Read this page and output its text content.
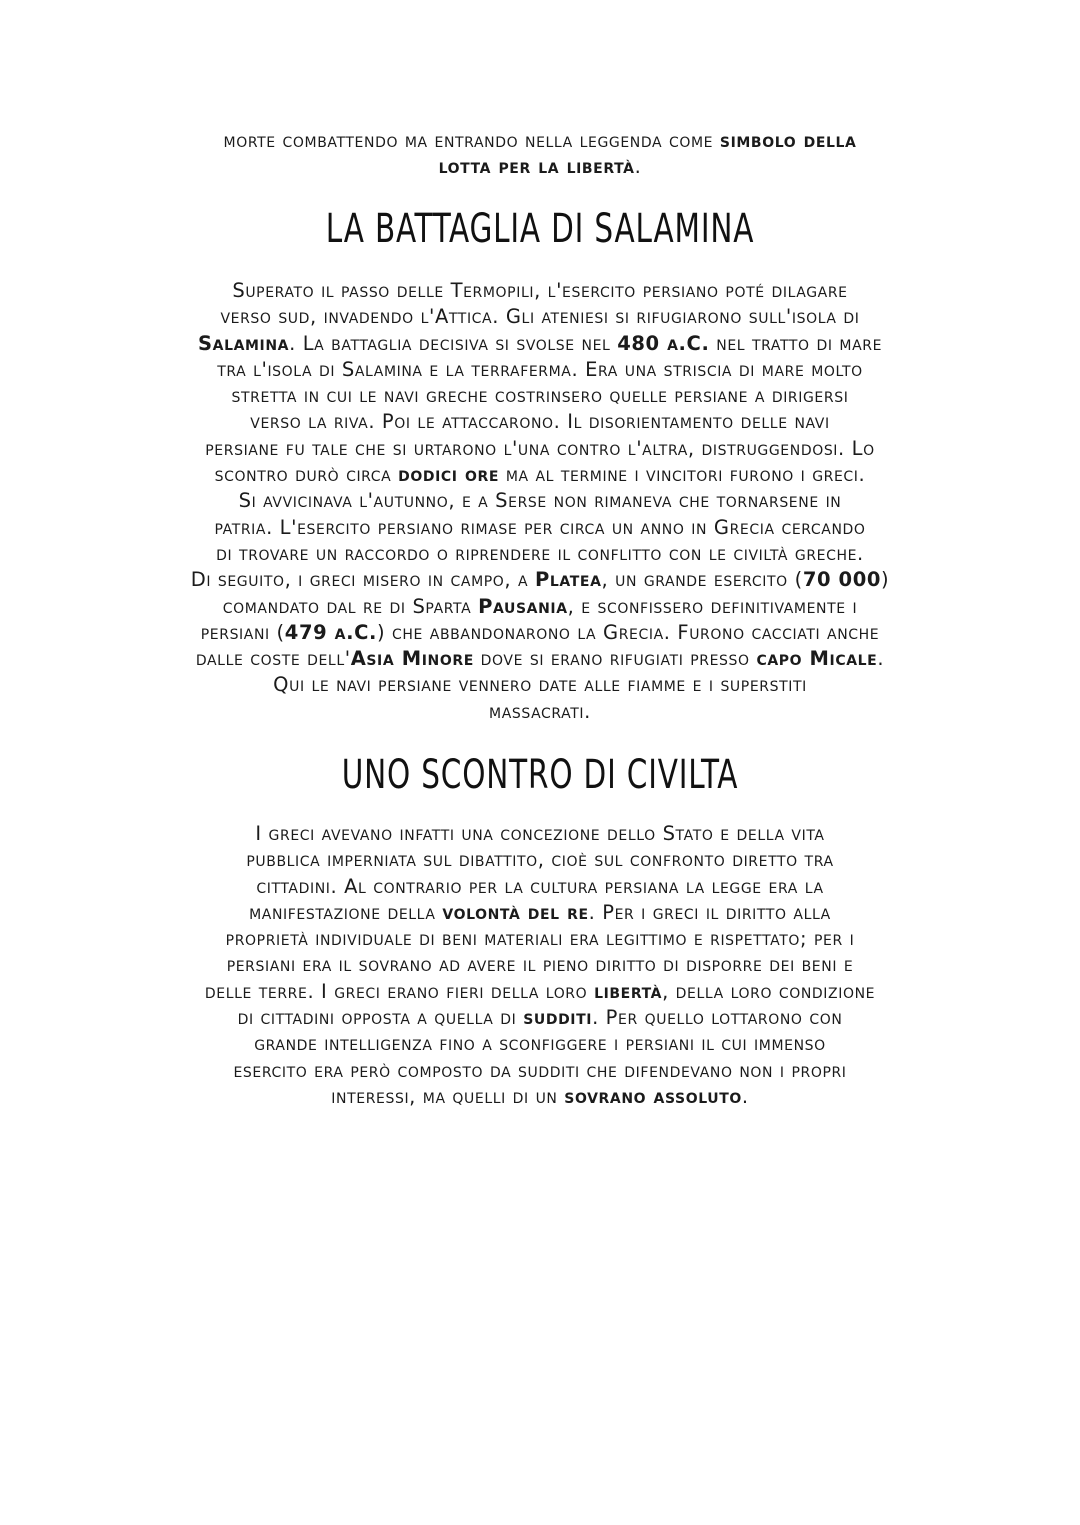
morte combattendo ma entrando nella leggenda come simbolo della
lotta per la libertà.
LA BATTAGLIA DI SALAMINA
Superato il passo delle Termopili, l'esercito persiano poté dilagare
verso sud, invadendo l'Attica. Gli ateniesi si rifugiarono sull'isola di
Salamina. La battaglia decisiva si svolse nel 480 a.C. nel tratto di mare
tra l'isola di Salamina e la terraferma. Era una striscia di mare molto
stretta in cui le navi greche costrinsero quelle persiane a dirigersi
verso la riva. Poi le attaccarono. Il disorientamento delle navi
persiane fu tale che si urtarono l'una contro l'altra, distruggendosi. Lo
scontro durò circa dodici ore ma al termine i vincitori furono i greci.
Si avvicinava l'autunno, e a Serse non rimaneva che tornarsene in
patria. L'esercito persiano rimase per circa un anno in Grecia cercando
di trovare un raccordo o riprendere il conflitto con le civiltà greche.
Di seguito, i greci misero in campo, a Platea, un grande esercito (70 000)
comandato dal re di Sparta Pausania, e sconfissero definitivamente i
persiani (479 a.C.) che abbandonarono la Grecia. Furono cacciati anche
dalle coste dell'Asia Minore dove si erano rifugiati presso capo Micale.
Qui le navi persiane vennero date alle fiamme e i superstiti
massacrati.
UNO SCONTRO DI CIVILTA
I greci avevano infatti una concezione dello Stato e della vita
pubblica imperniata sul dibattito, cioè sul confronto diretto tra
cittadini. Al contrario per la cultura persiana la legge era la
manifestazione della volontà del re. Per i greci il diritto alla
proprietà individuale di beni materiali era legittimo e rispettato; per i
persiani era il sovrano ad avere il pieno diritto di disporre dei beni e
delle terre. I greci erano fieri della loro libertà, della loro condizione
di cittadini opposta a quella di sudditi. Per quello lottarono con
grande intelligenza fino a sconfiggere i persiani il cui immenso
esercito era però composto da sudditi che difendevano non i propri
interessi, ma quelli di un sovrano assoluto.
